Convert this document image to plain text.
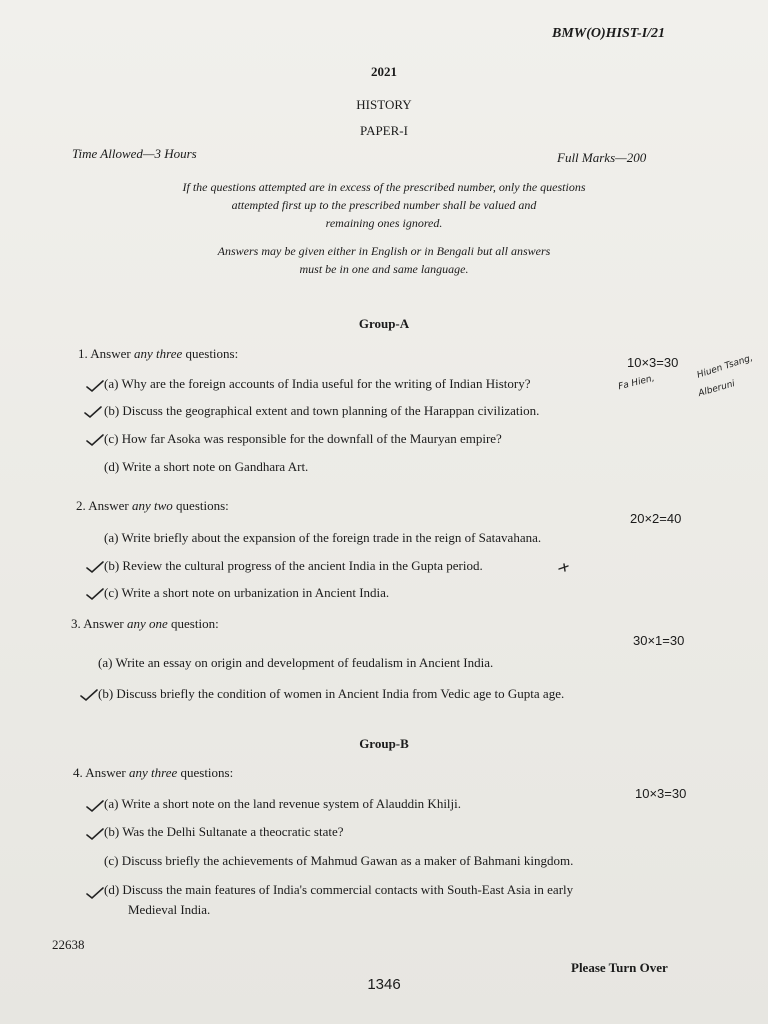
BMW(O)HIST-I/21
2021
HISTORY
PAPER-I
Time Allowed—3 Hours	Full Marks—200
If the questions attempted are in excess of the prescribed number, only the questions
attempted first up to the prescribed number shall be valued and
remaining ones ignored.
Answers may be given either in English or in Bengali but all answers
must be in one and same language.
Group-A
1. Answer any three questions:
10×3=30
(a) Why are the foreign accounts of India useful for the writing of Indian History?
(b) Discuss the geographical extent and town planning of the Harappan civilization.
(c) How far Asoka was responsible for the downfall of the Mauryan empire?
(d) Write a short note on Gandhara Art.
2. Answer any two questions:
20×2=40
(a) Write briefly about the expansion of the foreign trade in the reign of Satavahana.
(b) Review the cultural progress of the ancient India in the Gupta period.
(c) Write a short note on urbanization in Ancient India.
3. Answer any one question:
30×1=30
(a) Write an essay on origin and development of feudalism in Ancient India.
(b) Discuss briefly the condition of women in Ancient India from Vedic age to Gupta age.
Group-B
4. Answer any three questions:
10×3=30
(a) Write a short note on the land revenue system of Alauddin Khilji.
(b) Was the Delhi Sultanate a theocratic state?
(c) Discuss briefly the achievements of Mahmud Gawan as a maker of Bahmani kingdom.
(d) Discuss the main features of India's commercial contacts with South-East Asia in early
Medieval India.
22638
Please Turn Over
1346
Fa Hien,
Hiuen Tsang,
Alberuni
